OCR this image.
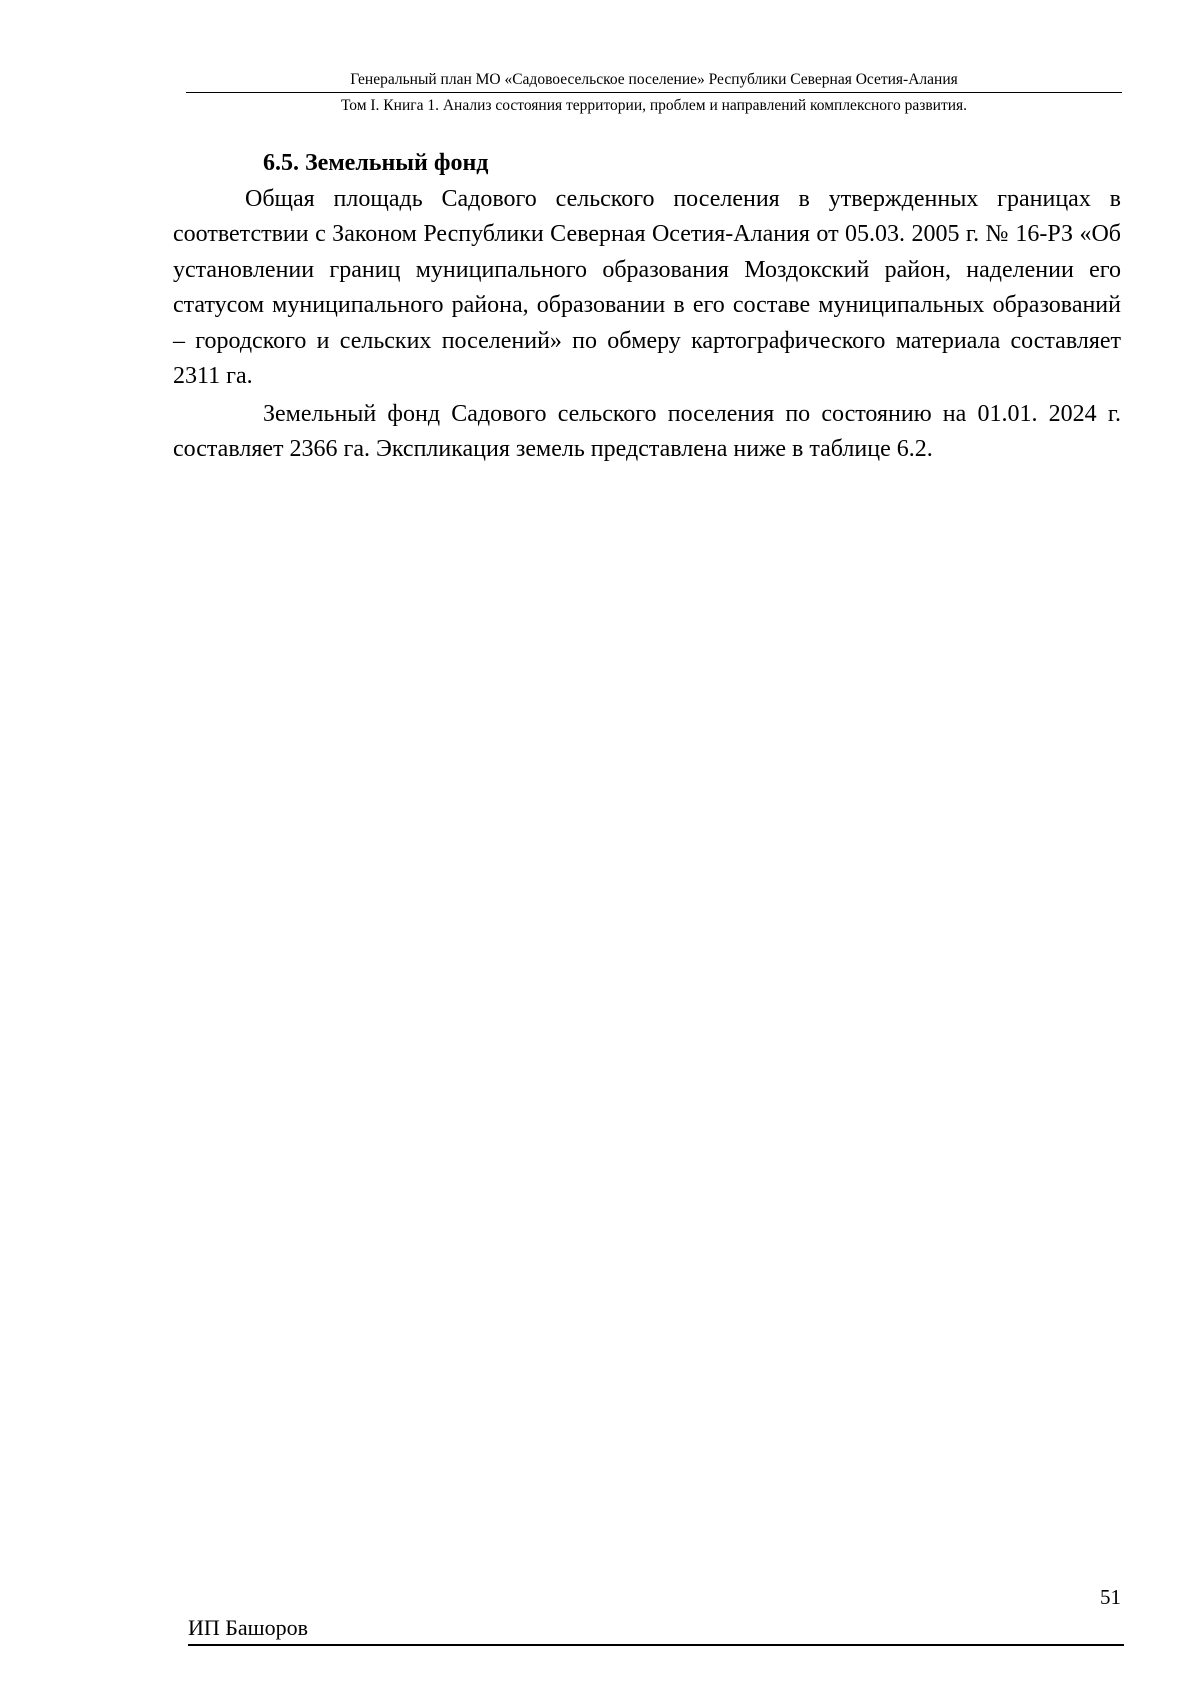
Генеральный план МО «Садовоесельское поселение» Республики Северная Осетия-Алания
Том I. Книга 1. Анализ состояния территории, проблем и направлений комплексного развития.
6.5. Земельный фонд

Общая площадь Садового сельского поселения в утвержденных границах в соответствии с Законом Республики Северная Осетия-Алания от 05.03. 2005 г. № 16-РЗ «Об установлении границ муниципального образования Моздокский район, наделении его статусом муниципального района, образовании в его составе муниципальных образований – городского и сельских поселений» по обмеру картографического материала составляет 2311 га.

Земельный фонд Садового сельского поселения по состоянию на 01.01. 2024 г. составляет 2366 га. Экспликация земель представлена ниже в таблице 6.2.

51
ИП Башоров
